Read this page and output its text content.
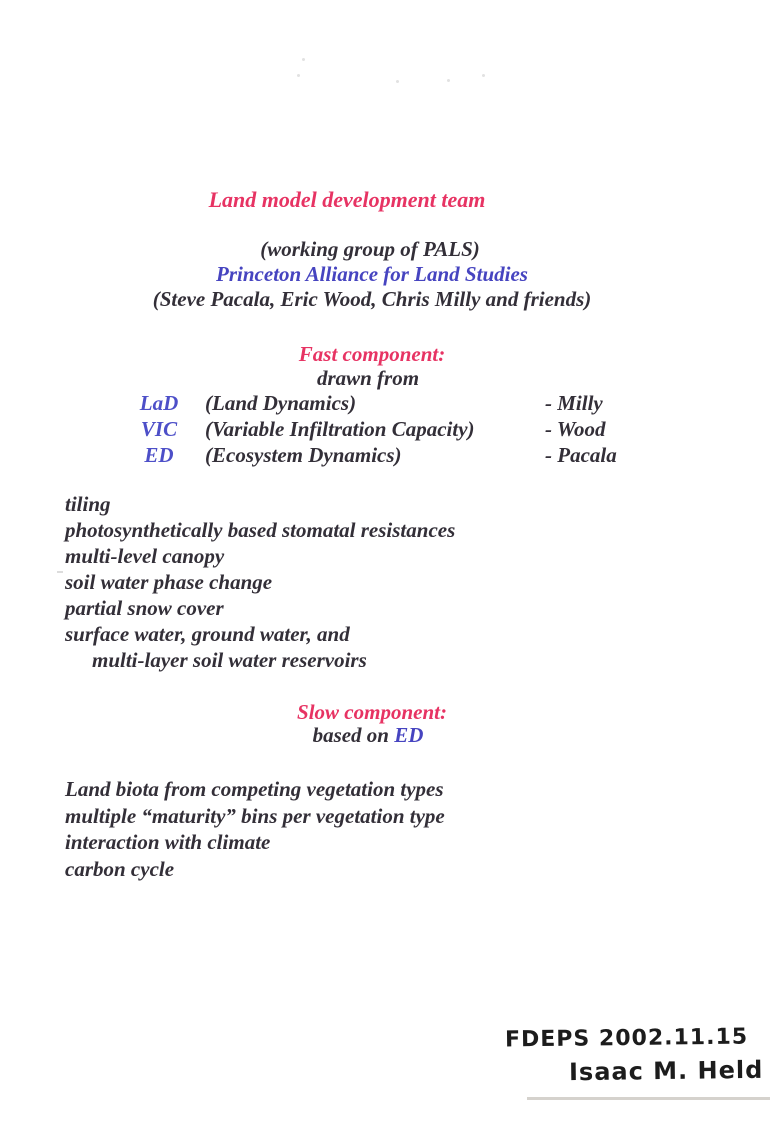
Land model development team
(working group of PALS)
Princeton Alliance for Land Studies
(Steve Pacala, Eric Wood, Chris Milly and friends)
Fast component:
drawn from
LaD	(Land Dynamics)	- Milly
VIC	(Variable Infiltration Capacity)	- Wood
ED	(Ecosystem Dynamics)	- Pacala
tiling
photosynthetically based stomatal resistances
multi-level canopy
soil water phase change
partial snow cover
surface water, ground water, and
multi-layer soil water reservoirs
Slow component:
based on ED
Land biota from competing vegetation types
multiple “maturity” bins per vegetation type
interaction with climate
carbon cycle
FDEPS 2002.11.15
Isaac M. Held
